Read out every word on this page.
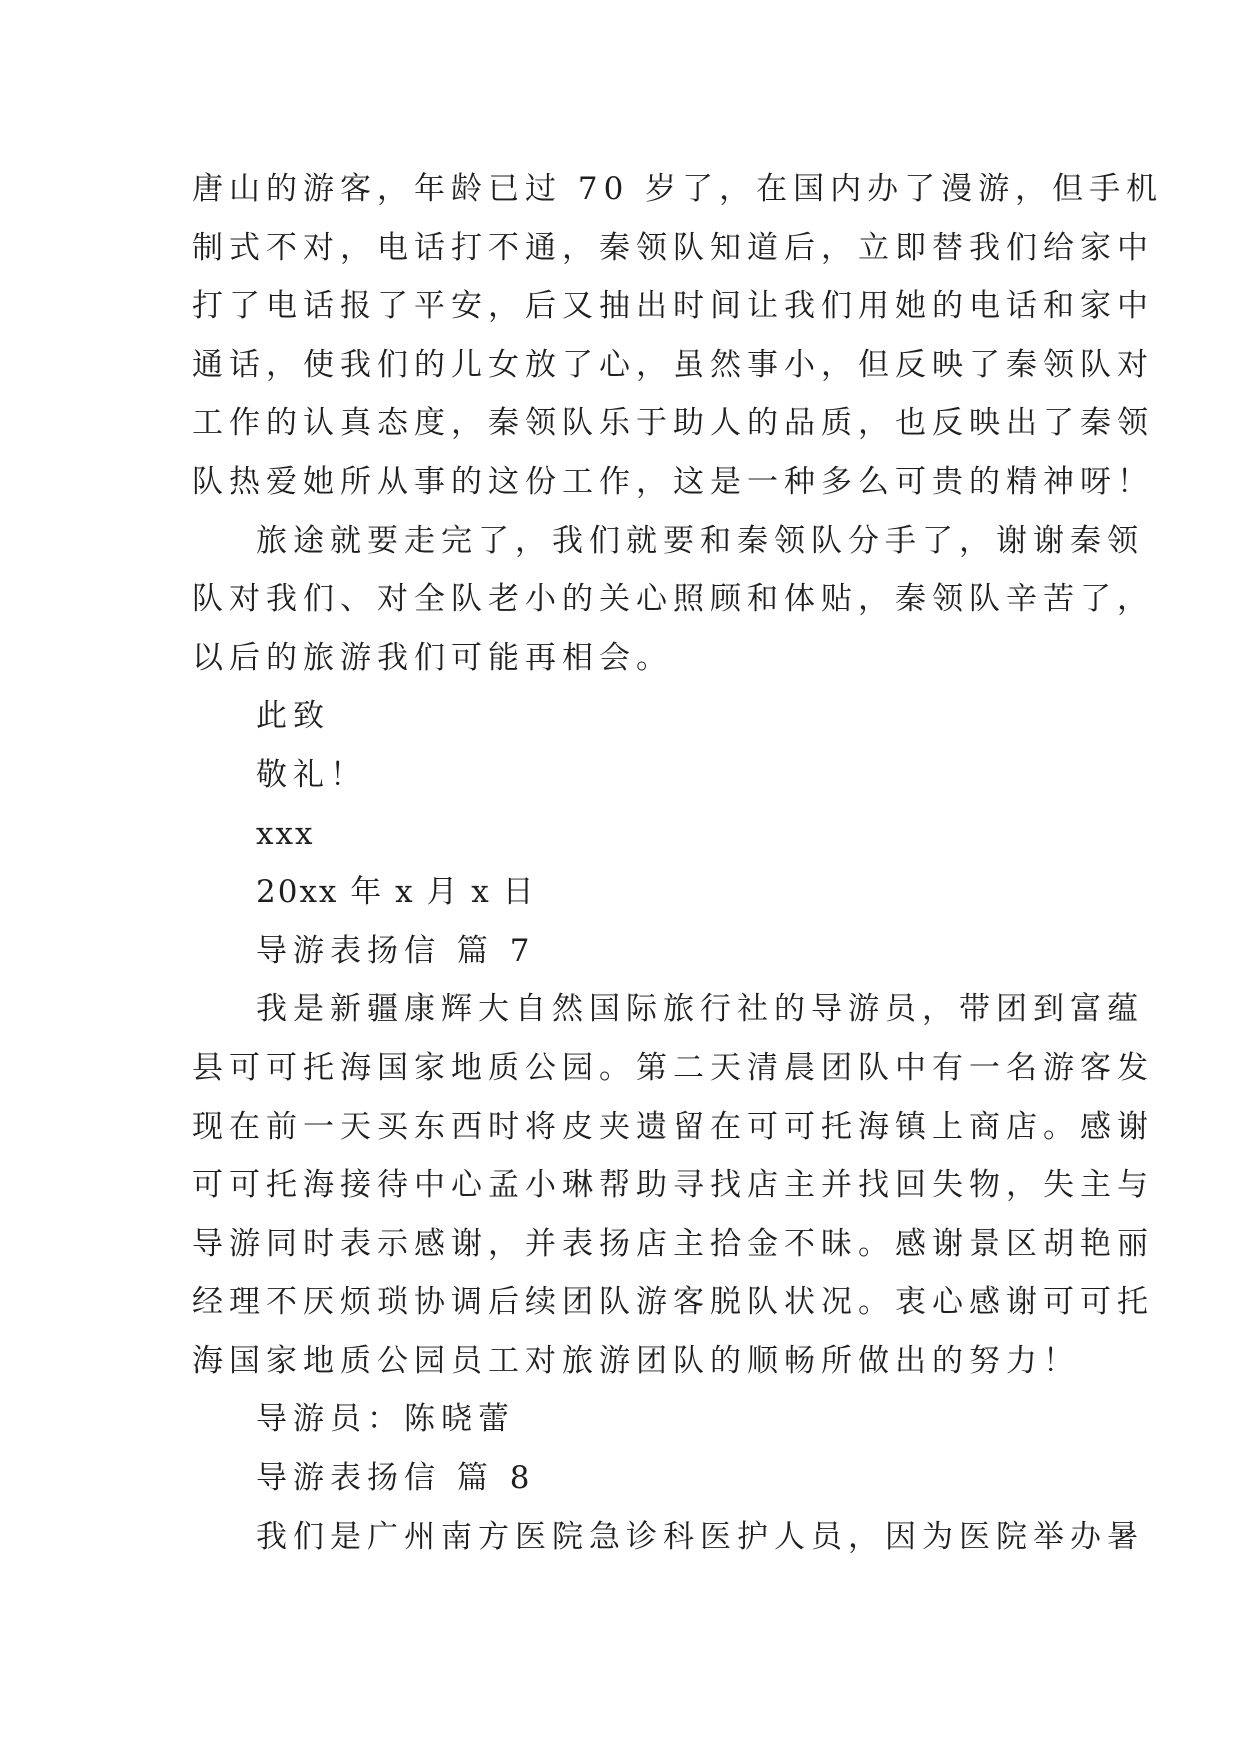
唐山的游客，年龄已过 70 岁了，在国内办了漫游，但手机
制式不对，电话打不通，秦领队知道后，立即替我们给家中
打了电话报了平安，后又抽出时间让我们用她的电话和家中
通话，使我们的儿女放了心，虽然事小，但反映了秦领队对
工作的认真态度，秦领队乐于助人的品质，也反映出了秦领
队热爱她所从事的这份工作，这是一种多么可贵的精神呀！
旅途就要走完了，我们就要和秦领队分手了，谢谢秦领
队对我们、对全队老小的关心照顾和体贴，秦领队辛苦了，
以后的旅游我们可能再相会。
此致
敬礼！
xxx
20xx 年 x 月 x 日
导游表扬信 篇 7
我是新疆康辉大自然国际旅行社的导游员，带团到富蕴
县可可托海国家地质公园。第二天清晨团队中有一名游客发
现在前一天买东西时将皮夹遗留在可可托海镇上商店。感谢
可可托海接待中心孟小琳帮助寻找店主并找回失物，失主与
导游同时表示感谢，并表扬店主拾金不昧。感谢景区胡艳丽
经理不厌烦琐协调后续团队游客脱队状况。衷心感谢可可托
海国家地质公园员工对旅游团队的顺畅所做出的努力！
导游员：陈晓蕾
导游表扬信 篇 8
我们是广州南方医院急诊科医护人员，因为医院举办暑
